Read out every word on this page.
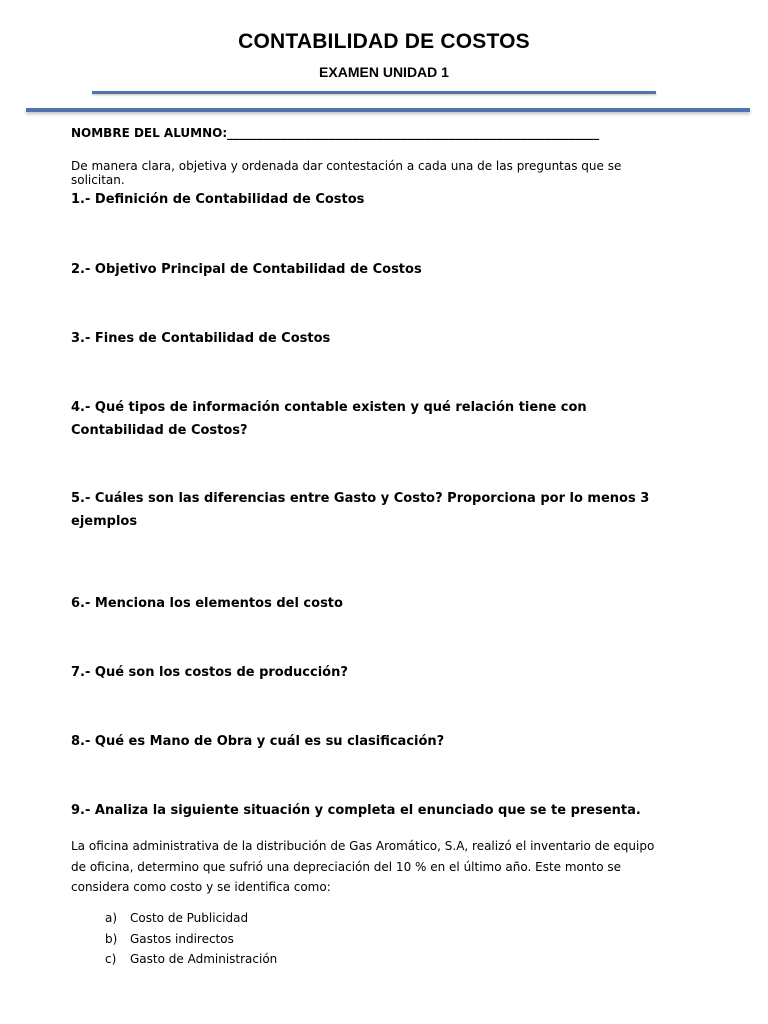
CONTABILIDAD DE COSTOS
EXAMEN UNIDAD 1
NOMBRE DEL ALUMNO:______________________________________________________________
De manera clara, objetiva y ordenada dar contestación a cada una de las preguntas que se solicitan.
1.- Definición de Contabilidad de Costos
2.- Objetivo Principal de Contabilidad de Costos
3.- Fines de Contabilidad de Costos
4.- Qué tipos de información contable existen y qué relación tiene con Contabilidad de Costos?
5.- Cuáles son las diferencias entre Gasto y Costo? Proporciona por lo menos 3 ejemplos
6.- Menciona los elementos del costo
7.- Qué son los costos de producción?
8.- Qué es Mano de Obra y cuál es su clasificación?
9.- Analiza la siguiente situación y completa el enunciado que se te presenta.
La oficina administrativa de la distribución de Gas Aromático, S.A, realizó el inventario de equipo de oficina, determino que sufrió una depreciación del 10 % en el último año. Este monto se considera como costo y se identifica como:
a) Costo de Publicidad
b) Gastos indirectos
c) Gasto de Administración
